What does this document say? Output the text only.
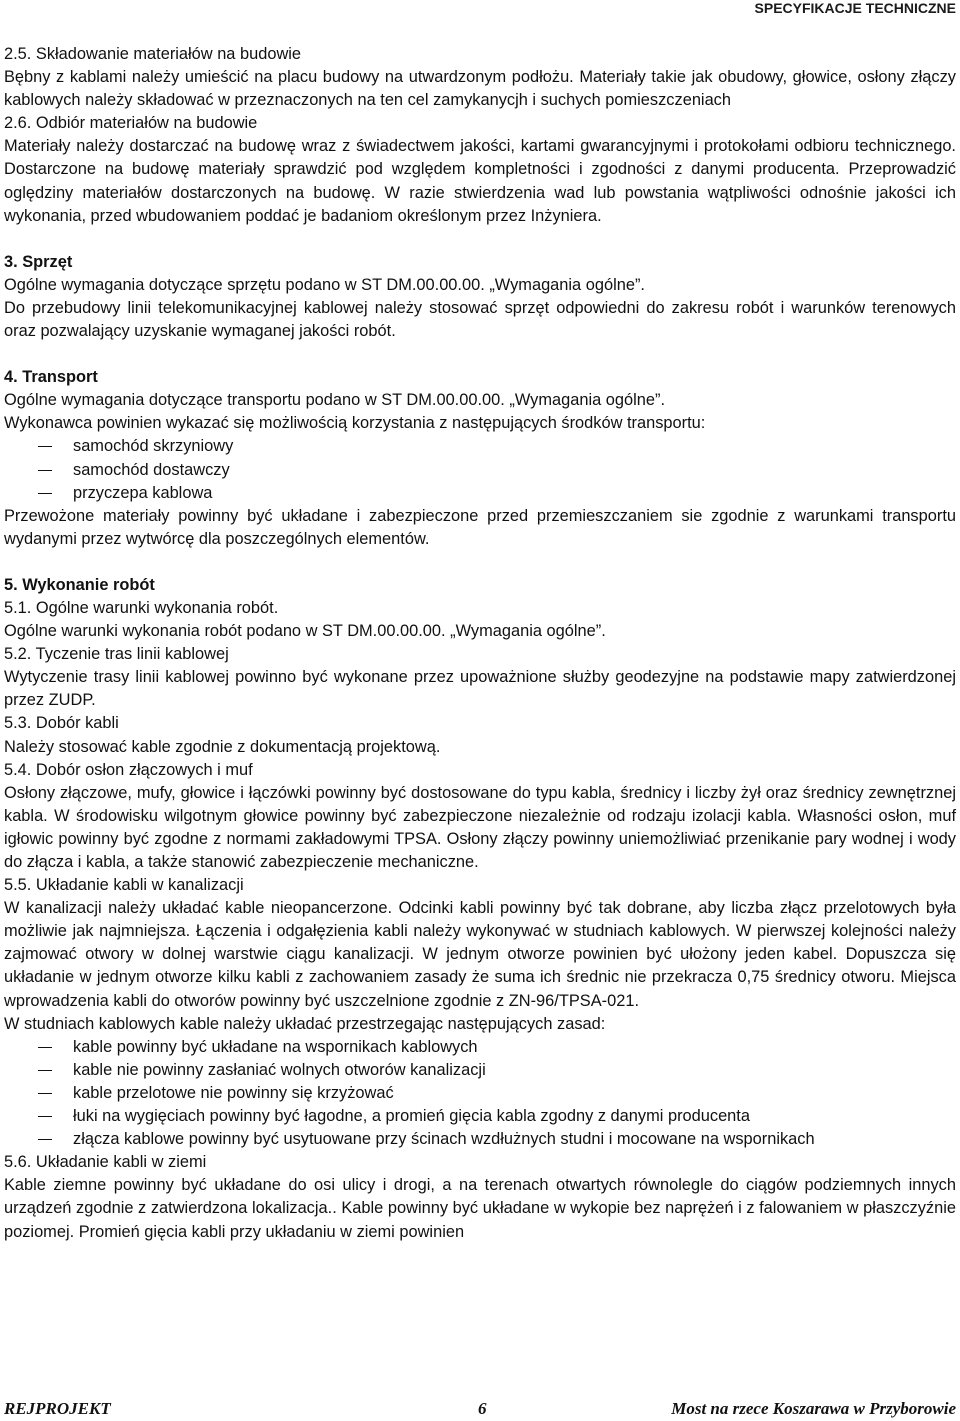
SPECYFIKACJE TECHNICZNE

2.5. Składowanie materiałów na budowie

Bębny z kablami należy umieścić na placu budowy na utwardzonym podłożu. Materiały takie jak obudowy, głowice, osłony złączy kablowych należy składować w przeznaczonych na ten cel zamykanycjh i suchych pomieszczeniach

2.6. Odbiór materiałów na budowie

Materiały należy dostarczać na budowę wraz z świadectwem jakości, kartami gwarancyjnymi i protokołami odbioru technicznego. Dostarczone na budowę materiały sprawdzić pod względem kompletności i zgodności z danymi producenta. Przeprowadzić oględziny materiałów dostarczonych na budowę. W razie stwierdzenia wad lub powstania wątpliwości odnośnie jakości ich wykonania, przed wbudowaniem poddać je badaniom określonym przez Inżyniera.

3. Sprzęt

Ogólne wymagania dotyczące sprzętu podano w ST DM.00.00.00. „Wymagania ogólne”.

Do przebudowy linii telekomunikacyjnej kablowej należy stosować sprzęt odpowiedni do zakresu robót i warunków terenowych oraz pozwalający uzyskanie wymaganej jakości robót.

4. Transport

Ogólne wymagania dotyczące transportu podano w ST DM.00.00.00. „Wymagania ogólne”.

Wykonawca powinien wykazać się możliwością korzystania z następujących środków transportu:

samochód skrzyniowy
samochód dostawczy
przyczepa kablowa

Przewożone materiały powinny być układane i zabezpieczone przed przemieszczaniem sie zgodnie z warunkami transportu wydanymi przez wytwórcę dla poszczególnych elementów.

5. Wykonanie robót

5.1. Ogólne warunki wykonania robót.

Ogólne warunki wykonania robót podano w ST DM.00.00.00. „Wymagania ogólne”.

5.2. Tyczenie tras linii kablowej

Wytyczenie trasy linii kablowej powinno być wykonane przez upoważnione służby geodezyjne na podstawie mapy zatwierdzonej przez ZUDP.

5.3. Dobór kabli

Należy stosować kable zgodnie z dokumentacją projektową.

5.4. Dobór osłon złączowych i muf

Osłony złączowe, mufy, głowice i łączówki powinny być dostosowane do typu kabla, średnicy i liczby żył oraz średnicy zewnętrznej kabla. W środowisku wilgotnym głowice powinny być zabezpieczone niezależnie od rodzaju izolacji kabla. Własności osłon, muf igłowic powinny być zgodne z normami zakładowymi TPSA. Osłony złączy powinny uniemożliwiać przenikanie pary wodnej i wody do złącza i kabla, a także stanowić zabezpieczenie mechaniczne.

5.5. Układanie kabli w kanalizacji

W kanalizacji należy układać kable nieopancerzone. Odcinki kabli powinny być tak dobrane, aby liczba złącz przelotowych była możliwie jak najmniejsza. Łączenia i odgałęzienia kabli należy wykonywać w studniach kablowych. W pierwszej kolejności należy zajmować otwory w dolnej warstwie ciągu kanalizacji. W jednym otworze powinien być ułożony jeden kabel. Dopuszcza się układanie w jednym otworze kilku kabli z zachowaniem zasady że suma ich średnic nie przekracza 0,75 średnicy otworu. Miejsca wprowadzenia kabli do otworów powinny być uszczelnione zgodnie z ZN-96/TPSA-021.

W studniach kablowych kable należy układać przestrzegając następujących zasad:

kable powinny być układane na wspornikach kablowych
kable nie powinny zasłaniać wolnych otworów kanalizacji
kable przelotowe nie powinny się krzyżować
łuki na wygięciach powinny być łagodne, a promień gięcia kabla zgodny z danymi producenta
złącza kablowe powinny być usytuowane przy ścinach wzdłużnych studni i mocowane na wspornikach

5.6. Układanie kabli w ziemi

Kable ziemne powinny być układane do osi ulicy i drogi, a na terenach otwartych równolegle do ciągów podziemnych innych urządzeń zgodnie z zatwierdzona lokalizacja.. Kable powinny być układane w wykopie bez naprężeń i z falowaniem w płaszczyźnie poziomej. Promień gięcia kabli przy układaniu w ziemi powinien

REJPROJEKT	6	Most na rzece Koszarawa w Przyborowie
